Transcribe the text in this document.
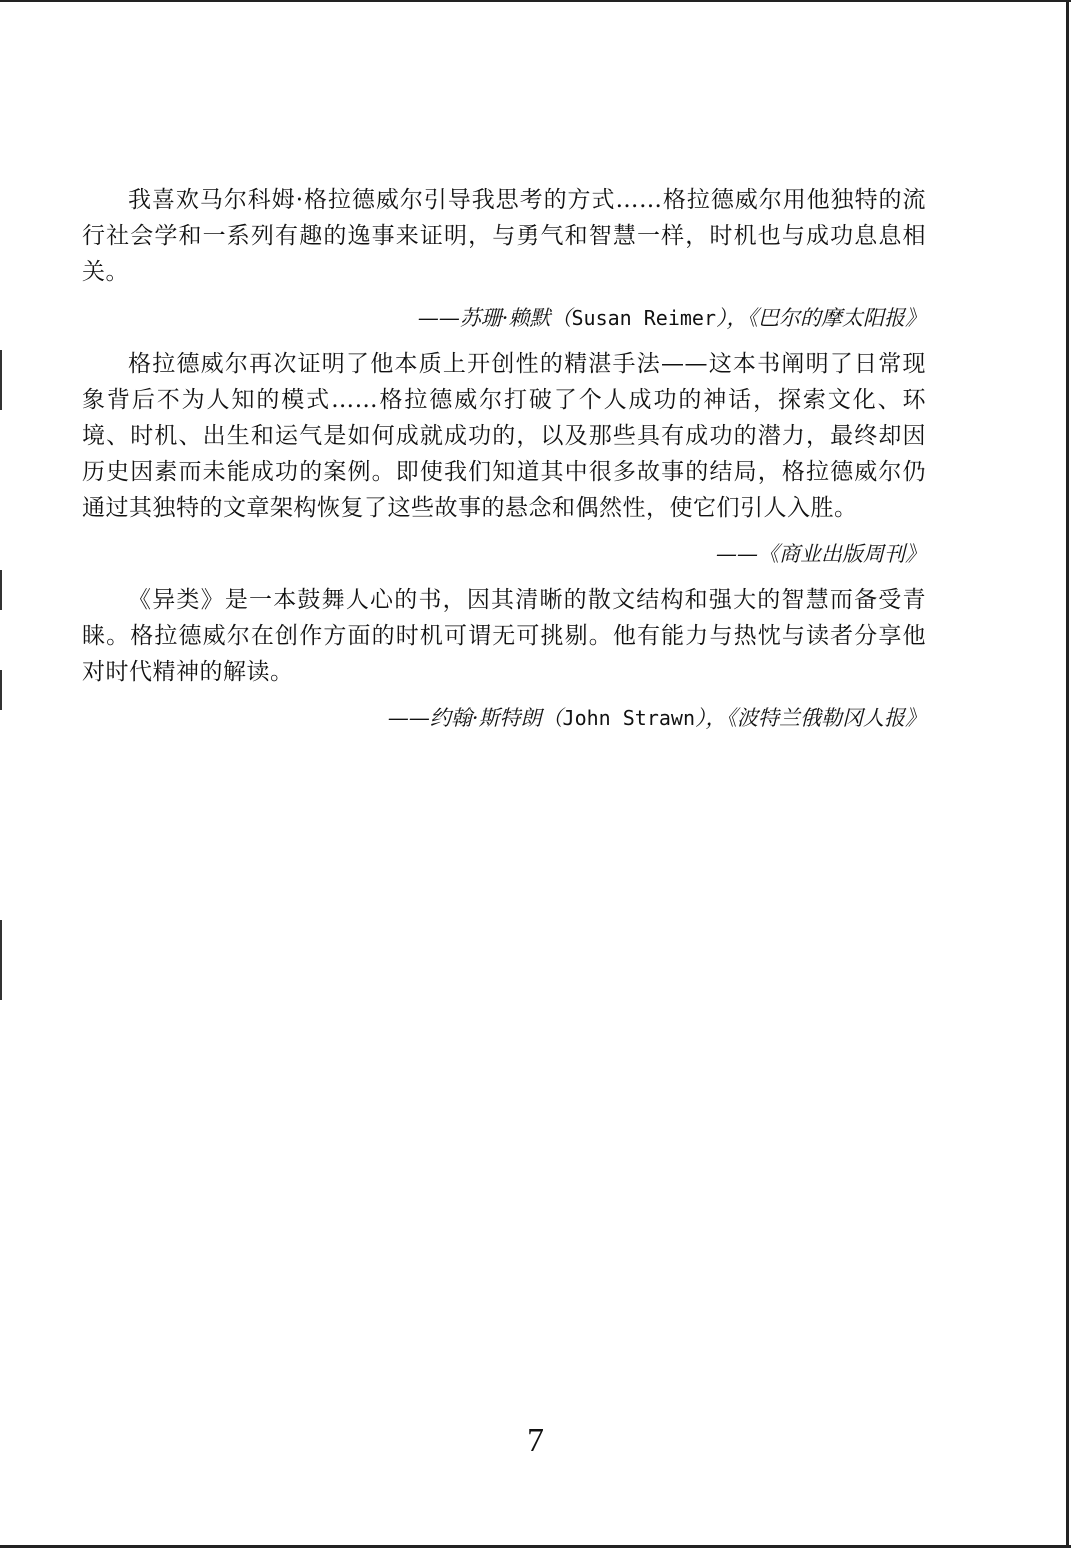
我喜欢马尔科姆·格拉德威尔引导我思考的方式……格拉德威尔用他独特的流行社会学和一系列有趣的逸事来证明，与勇气和智慧一样，时机也与成功息息相关。

——苏珊·赖默（Susan Reimer），《巴尔的摩太阳报》

格拉德威尔再次证明了他本质上开创性的精湛手法——这本书阐明了日常现象背后不为人知的模式……格拉德威尔打破了个人成功的神话，探索文化、环境、时机、出生和运气是如何成就成功的，以及那些具有成功的潜力，最终却因历史因素而未能成功的案例。即使我们知道其中很多故事的结局，格拉德威尔仍通过其独特的文章架构恢复了这些故事的悬念和偶然性，使它们引人入胜。

——《商业出版周刊》

《异类》是一本鼓舞人心的书，因其清晰的散文结构和强大的智慧而备受青睐。格拉德威尔在创作方面的时机可谓无可挑剔。他有能力与热忱与读者分享他对时代精神的解读。

——约翰·斯特朗（John Strawn），《波特兰俄勒冈人报》
7
